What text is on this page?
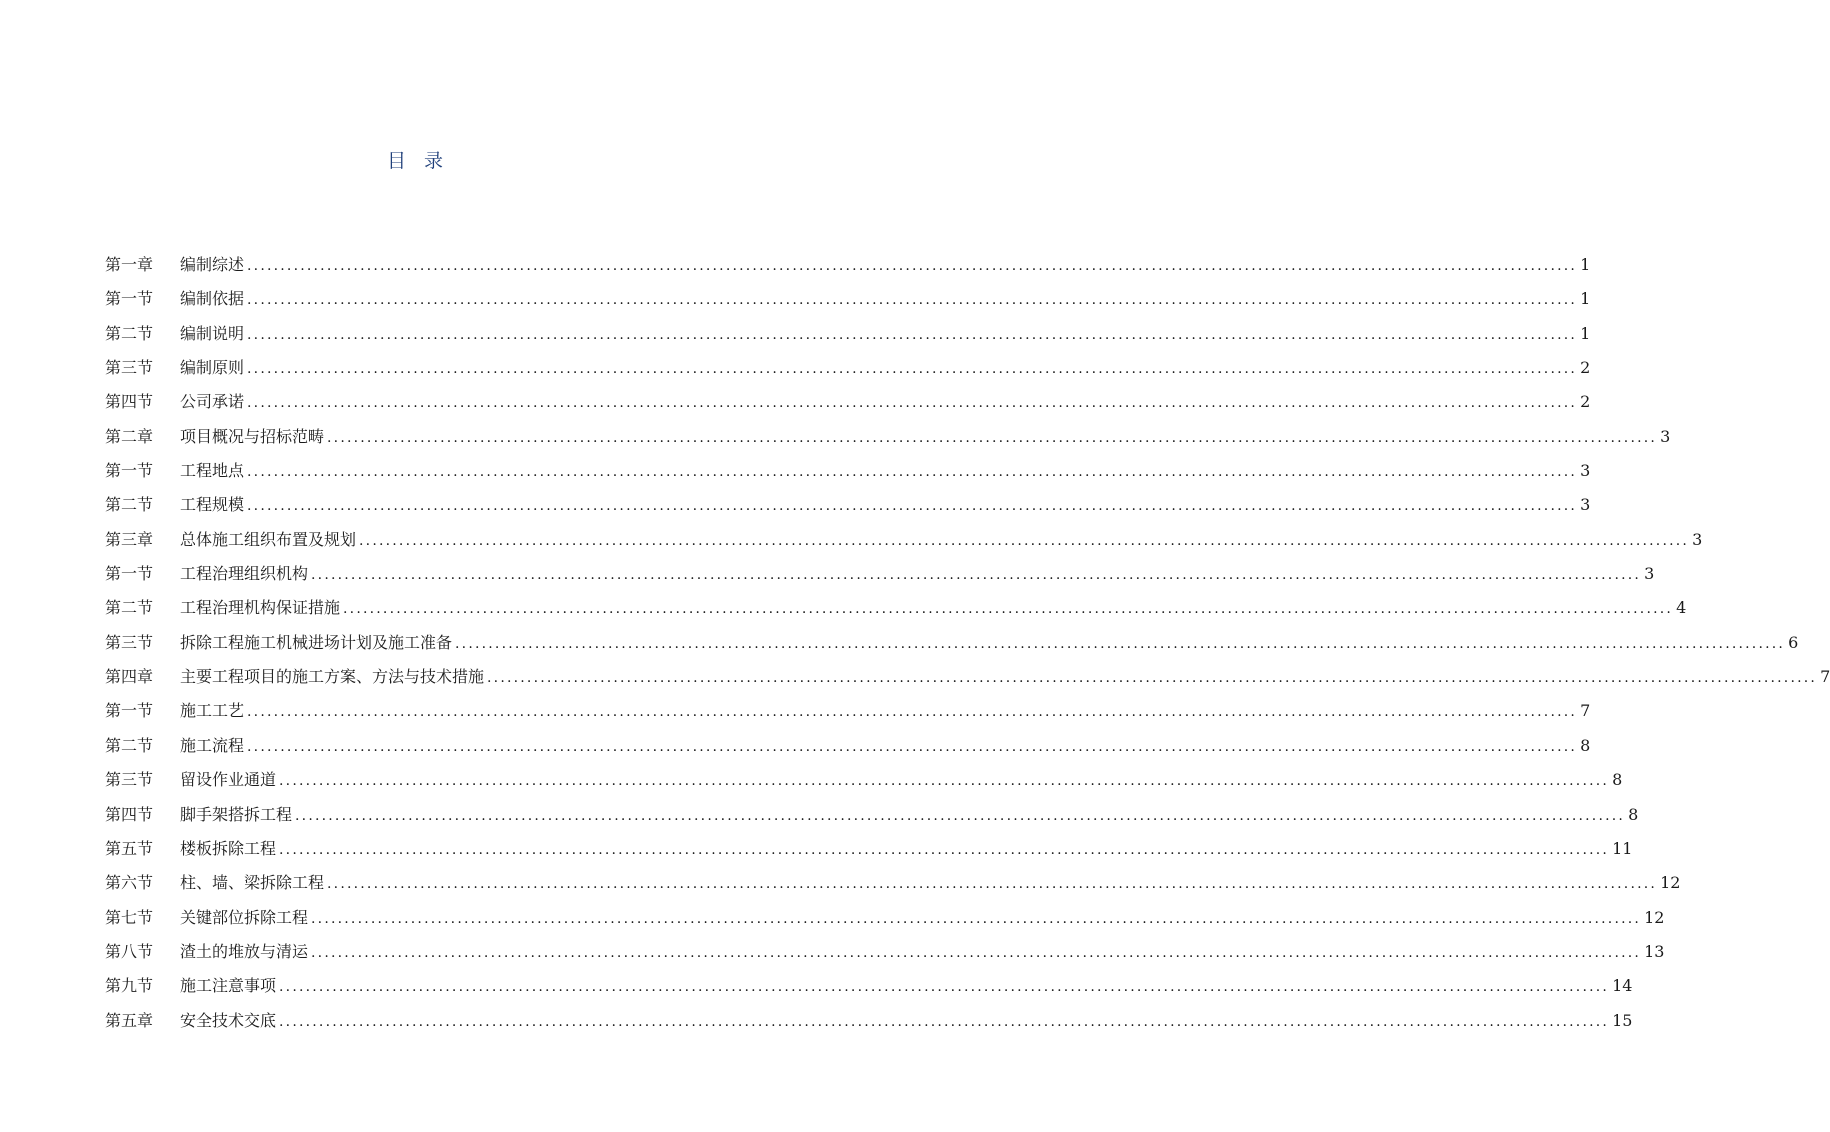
目 录
第一章	编制综述 ........................................................................................................................................................................................................ 1
第一节	编制依据 ........................................................................................................................................................................................................ 1
第二节	编制说明 ........................................................................................................................................................................................................ 1
第三节	编制原则 ........................................................................................................................................................................................................ 2
第四节	公司承诺 ........................................................................................................................................................................................................ 2
第二章	项目概况与招标范畴 ........................................................................................................................................................................................................ 3
第一节	工程地点 ........................................................................................................................................................................................................ 3
第二节	工程规模 ........................................................................................................................................................................................................ 3
第三章	总体施工组织布置及规划 ........................................................................................................................................................................................................ 3
第一节	工程治理组织机构 ........................................................................................................................................................................................................ 3
第二节	工程治理机构保证措施 ........................................................................................................................................................................................................ 4
第三节	拆除工程施工机械进场计划及施工准备 ........................................................................................................................................................................................................ 6
第四章	主要工程项目的施工方案、方法与技术措施 ........................................................................................................................................................................................................ 7
第一节	施工工艺 ........................................................................................................................................................................................................ 7
第二节	施工流程 ........................................................................................................................................................................................................ 8
第三节	留设作业通道 ........................................................................................................................................................................................................ 8
第四节	脚手架搭拆工程 ........................................................................................................................................................................................................ 8
第五节	楼板拆除工程 ........................................................................................................................................................................................................ 11
第六节	柱、墙、梁拆除工程 ........................................................................................................................................................................................................ 12
第七节	关键部位拆除工程 ........................................................................................................................................................................................................ 12
第八节	渣土的堆放与清运 ........................................................................................................................................................................................................ 13
第九节	施工注意事项 ........................................................................................................................................................................................................ 14
第五章	安全技术交底 ........................................................................................................................................................................................................ 15
